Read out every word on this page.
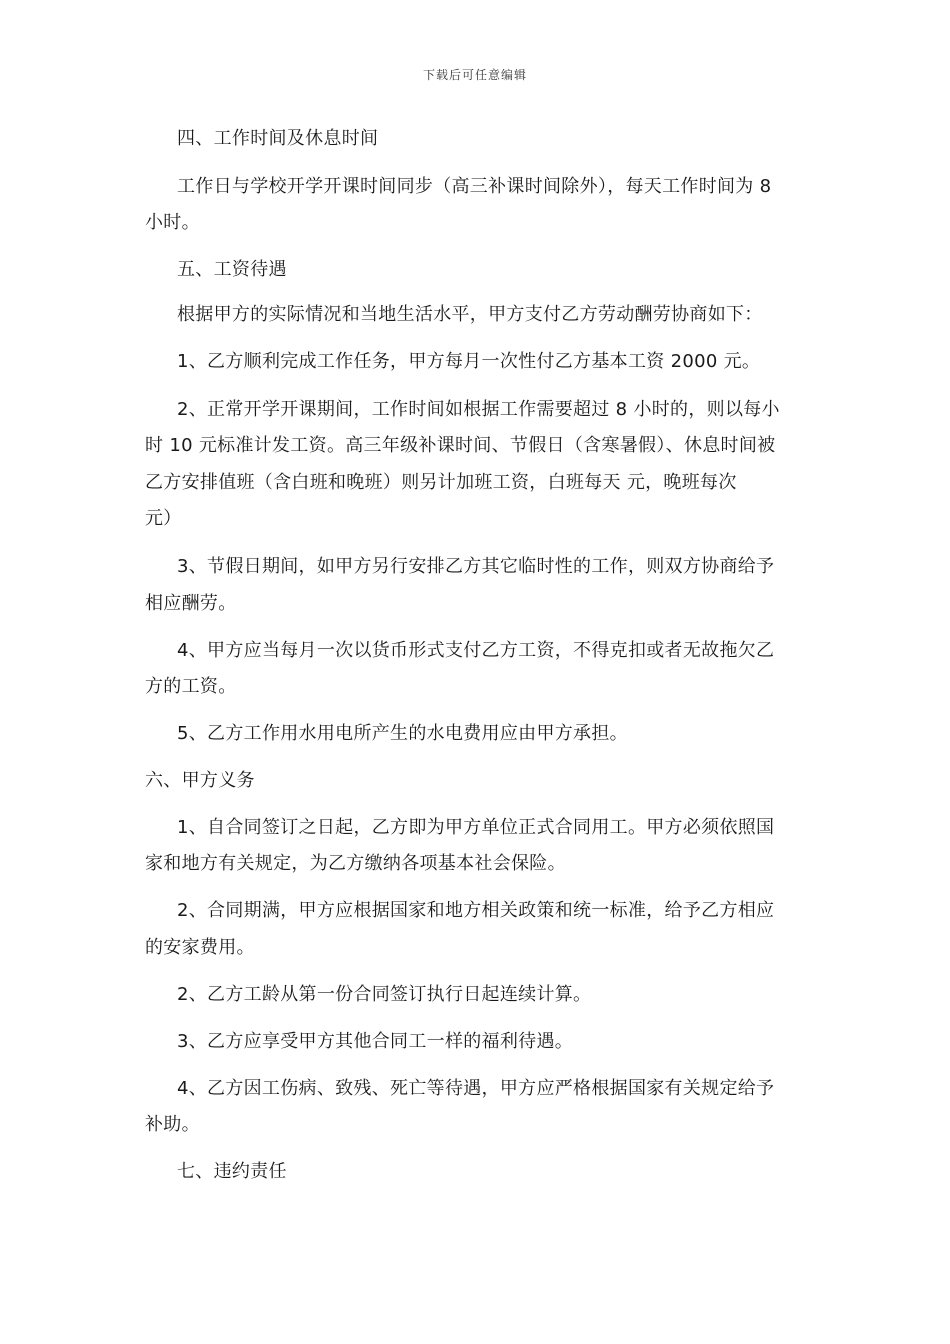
下载后可任意编辑
四、工作时间及休息时间
工作日与学校开学开课时间同步（高三补课时间除外），每天工作时间为 8
小时。
五、工资待遇
根据甲方的实际情况和当地生活水平，甲方支付乙方劳动酬劳协商如下：
1、乙方顺利完成工作任务，甲方每月一次性付乙方基本工资 2000 元。
2、正常开学开课期间，工作时间如根据工作需要超过 8 小时的，则以每小
时 10 元标准计发工资。高三年级补课时间、节假日（含寒暑假）、休息时间被
乙方安排值班（含白班和晚班）则另计加班工资，白班每天 元，晚班每次
元）
3、节假日期间，如甲方另行安排乙方其它临时性的工作，则双方协商给予
相应酬劳。
4、甲方应当每月一次以货币形式支付乙方工资，不得克扣或者无故拖欠乙
方的工资。
5、乙方工作用水用电所产生的水电费用应由甲方承担。
六、甲方义务
1、自合同签订之日起，乙方即为甲方单位正式合同用工。甲方必须依照国
家和地方有关规定，为乙方缴纳各项基本社会保险。
2、合同期满，甲方应根据国家和地方相关政策和统一标准，给予乙方相应
的安家费用。
2、乙方工龄从第一份合同签订执行日起连续计算。
3、乙方应享受甲方其他合同工一样的福利待遇。
4、乙方因工伤病、致残、死亡等待遇，甲方应严格根据国家有关规定给予
补助。
七、违约责任
